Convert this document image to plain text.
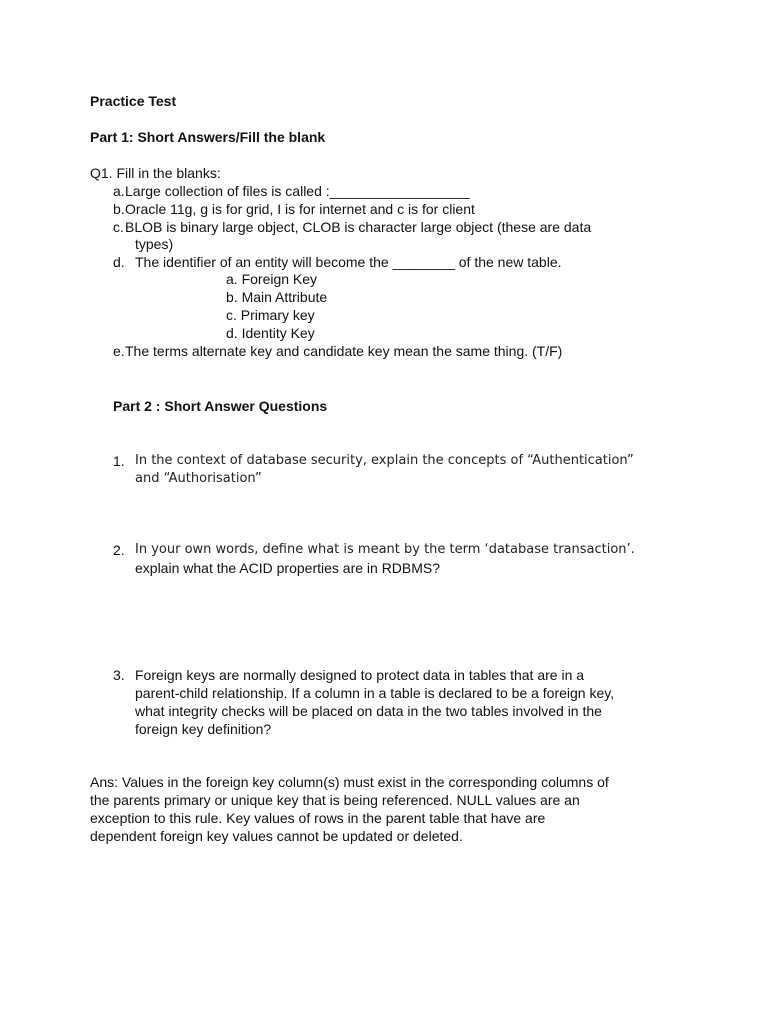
Practice Test
Part 1: Short Answers/Fill the blank
Q1. Fill in the blanks:
a. Large collection of files is called :__________________
b. Oracle 11g, g is for grid, I is for internet and c is for client
c. BLOB is binary large object, CLOB is character large object (these are data
types)
d. The identifier of an entity will become the ________ of the new table.
a. Foreign Key
b. Main Attribute
c. Primary key
d. Identity Key
e. The terms alternate key and candidate key mean the same thing. (T/F)
Part 2 : Short Answer Questions
1. In the context of database security, explain the concepts of “Authentication”
and “Authorisation”
2. In your own words, define what is meant by the term ‘database transaction’.
explain what the ACID properties are in RDBMS?
3. Foreign keys are normally designed to protect data in tables that are in a
parent-child relationship. If a column in a table is declared to be a foreign key,
what integrity checks will be placed on data in the two tables involved in the
foreign key definition?
Ans: Values in the foreign key column(s) must exist in the corresponding columns of
the parents primary or unique key that is being referenced. NULL values are an
exception to this rule. Key values of rows in the parent table that have are
dependent foreign key values cannot be updated or deleted.
